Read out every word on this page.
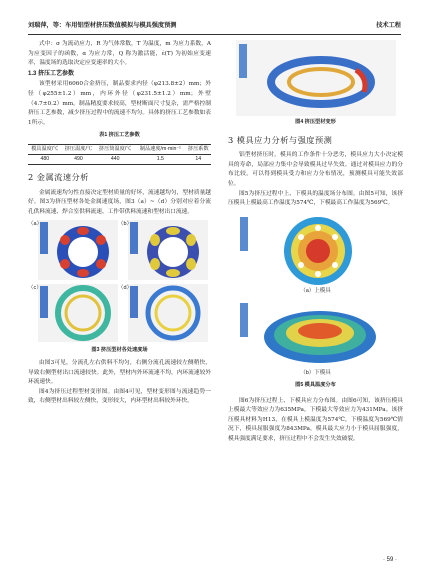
刘瑞萍，等：车用铝型材挤压数值模拟与模具强度预测	技术工程

式中：σ 为流动应力，R 为气体常数，T 为温度，m 为应力系数，A 为应变因子的函数，α 为应力常，Q 称为激活能，ε̇(T) 为初始应变速率，温度场的选取决定应变速率的大小。

1.3 挤压工艺参数

该型材采用6060合金挤压，制品要求内径（φ213.8±2）mm；外径（φ255±1.2）mm，内环外径（φ231.5±1.2）mm；外壁（4.7±0.2）mm。制品精度要求较高，型材断面尺寸复杂，需严格控制挤压工艺参数，减少挤压过程中的流速不均匀。具体的挤压工艺参数如表1所示。

表1 挤压工艺参数
模具温度/℃	挤压温度/℃	挤压筒温度/℃	制品速度/m·min⁻¹	挤压系数
480	490	440	1.5	14
2 金属流速分析

金属流速均匀性直接决定型材质量的好坏，流速越均匀，型材质量越好。图3为挤压型材各处金属速度场，图3（a）~（d）分别对应着分流孔供料流速、焊合室供料流速、工作带供料流速和型材出口流速。

（a）	（b）
（c）	（d）
图3 挤压型材各处速度场

由图3可见，分流孔左右供料不均匀，右侧分流孔流速较左侧稍快，导致右侧型材出口流速较快。此外，型材内外环流速不均，内环流速较外环流速快。

图4为挤压过程型材变形图。由图4可见，型材变形图与流速趋势一致，右侧型材出料较左侧快，变形较大，内环型材出料较外环快。

图4 挤压型材变形
3 模具应力分析与强度预测

铝型材挤压时，模具的工作条件十分恶劣，模具应力大小决定模具的寿命，局部应力集中会导致模具过早失效。通过对模具应力的分布比较，可以得到模具受力和应力分布情况，预测模具可能失效部位。

图5为挤压过程中上、下模具的温度场分布图。由图5可知，该挤压模具上模最高工作温度为574℃，下模最高工作温度为569℃。

（a）上模具
（b）下模具
图5 模具温度分布

图6为挤压过程上、下模具应力分布图。由图6可知，该挤压模具上模最大等效应力为635MPa，下模最大等效应力为431MPa。该挤压模具材料为H13，在模具上模温度为574℃，下模温度为569℃情况下，模具屈服强度为843MPa，模具最大应力小于模具屈服强度，模具强度满足要求，挤压过程中不会发生失效破裂。

· 59 ·
